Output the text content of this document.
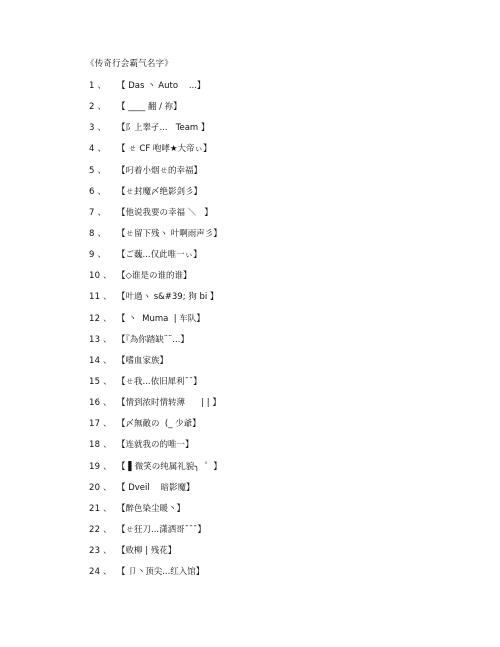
《传奇行会霸气名字》
1 、	【 Das 丶 Auto    ...】
2 、	【 ____ 翻 / 祢】
3 、	【阝上睾孑...   Team 】
4 、	【 ㄝ CF 咆哮★大帝ぃ】
5 、	【叼着小烟ㄝ的幸福】
6 、	【ㄝ封魔〆绝影剑彡】
7 、	【他说我要の幸福 ＼   】
8 、	【ㄝ留下残ヽ 叶啊雨声彡】
9 、	【ご蘶...仅此唯一ぃ】
10 、 【◇谁是の谁的谁】
11 、 【叶過ヽ s&#39; 狗 bi 】
12 、 【 丶  Muma  | 车队】
13 、 【『為你踏缺¨¨...】
14 、 【嗜血家族】
15 、 【ㄝ我...依旧犀利¯¯】
16 、 【情到浓时情转薄      | | 】
17 、 【〆無敵の  (_ 少爺】
18 、 【连就我の的唯一】
19 、 【 ▌微笑の纯属礼貌╮  ゜】
20 、 【 Dveil    暗影魔】
21 、 【醉色染尘暖丶】
22 、 【ㄝ狂刀...潇洒哥¯¯¯】
23 、 【败柳 | 残花】
24 、 【 卩丶顶尖...红入馆】
